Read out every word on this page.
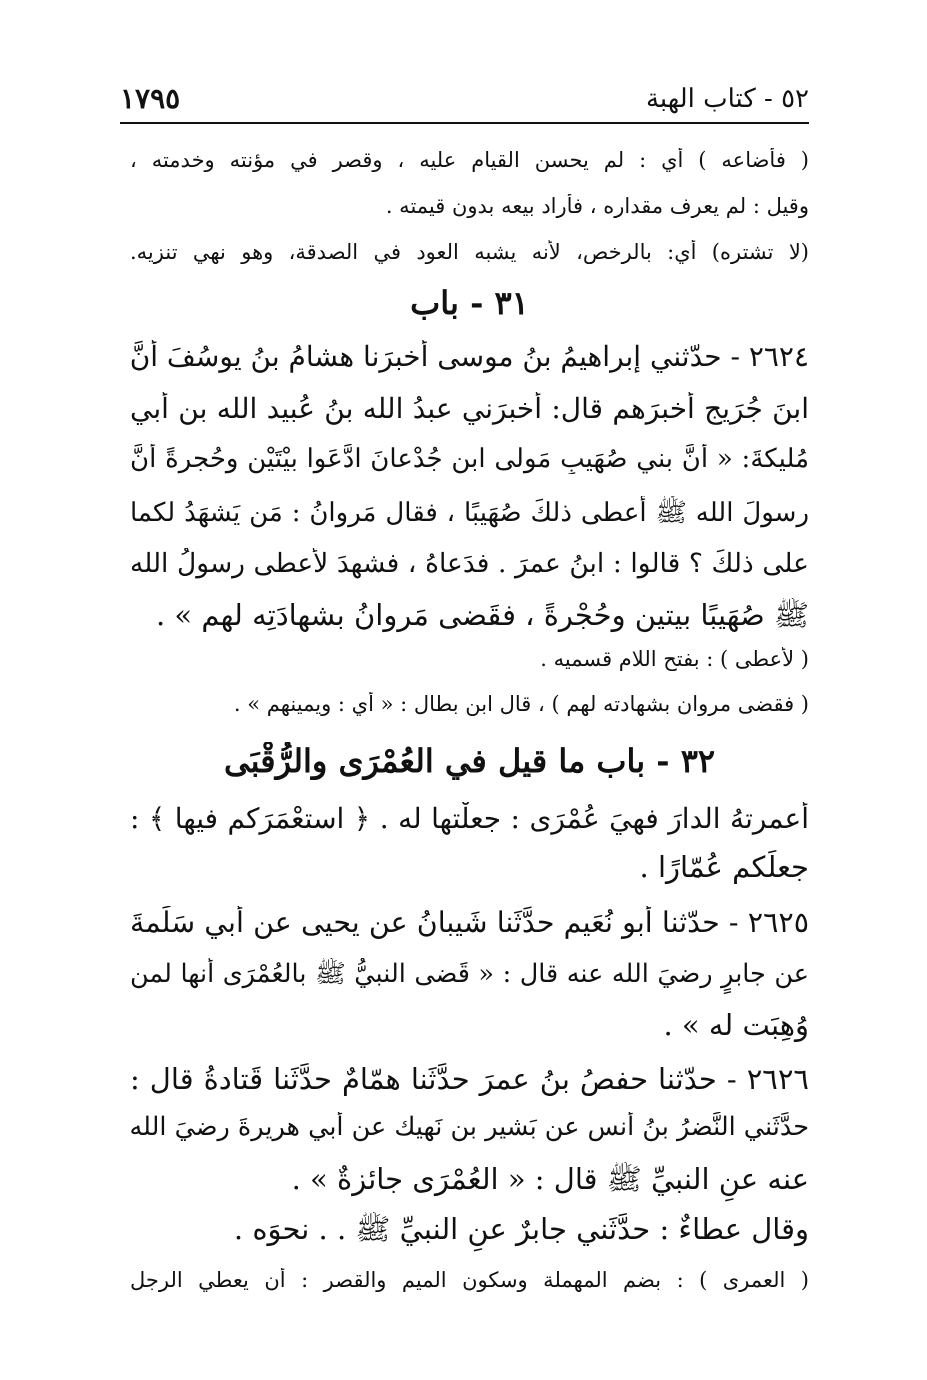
٥٢ - كتاب الهبة
١٧٩٥
( فأضاعه ) أي : لم يحسن القيام عليه ، وقصر في مؤنته وخدمته ،
وقيل : لم يعرف مقداره ، فأراد بيعه بدون قيمته .
(لا تشتره) أي: بالرخص، لأنه يشبه العود في الصدقة، وهو نهي تنزيه.
٣١ - باب
٢٦٢٤ - حدّثني إبراهيمُ بنُ موسى أخبرَنا هشامُ بنُ يوسُفَ أَنَّ
ابنَ جُرَيجٍ أخبرَهم قال: أخبرَني عبدُ الله بنُ عُبيد الله بن أبي
مُليكةَ: « أنَّ بني صُهَيبٍ مَولى ابن جُدْعانَ ادَّعَوا بيْتَيْنِ وحُجرةً أَنَّ
رسولَ الله ﷺ أعطى ذلكَ صُهَيبًا ، فقال مَروانُ : مَن يَشهَدُ لكما
على ذلكَ ؟ قالوا : ابنُ عمرَ . فدَعاهُ ، فشهدَ لأَعطى رسولُ الله
ﷺ صُهَيبًا بيتين وحُجْرةً ، فقَضى مَروانُ بشهادَتِه لهم » .
( لأعطى ) : بفتح اللام قسميه .
( فقضى مروان بشهادته لهم ) ، قال ابن بطال : « أي : ويمينهم » .
٣٢ - باب ما قيل في العُمْرَى والرُّقْبَى
أعمرتهُ الدارَ فهيَ عُمْرَى : جعلْتها له . ﴿ استعْمَرَكم فيها ﴾ :
جعلَكم عُمّارًا .
٢٦٢٥ - حدّثنا أبو نُعَيمٍ حدَّثَنا شَيبانُ عن يحيى عن أبي سَلَمةَ
عن جابرٍ رضيَ الله عنه قال : « قَضى النبيُّ ﷺ بالعُمْرَى أنها لمن
وُهِبَت له » .
٢٦٢٦ - حدّثنا حفصُ بنُ عمرَ حدَّثَنا همّامٌ حدَّثَنا قَتادةُ قال :
حدَّثَني النَّضرُ بنُ أنسٍ عن بَشير بن نَهيك عن أبي هريرةَ رضيَ الله
عنه عنِ النبيِّ ﷺ قال : « العُمْرَى جائزةٌ » .
وقال عطاءٌ : حدَّثَني جابرٌ عنِ النبيِّ ﷺ . . نحوَه .
( العمرى ) : بضم المهملة وسكون الميم والقصر : أن يعطي الرجل
